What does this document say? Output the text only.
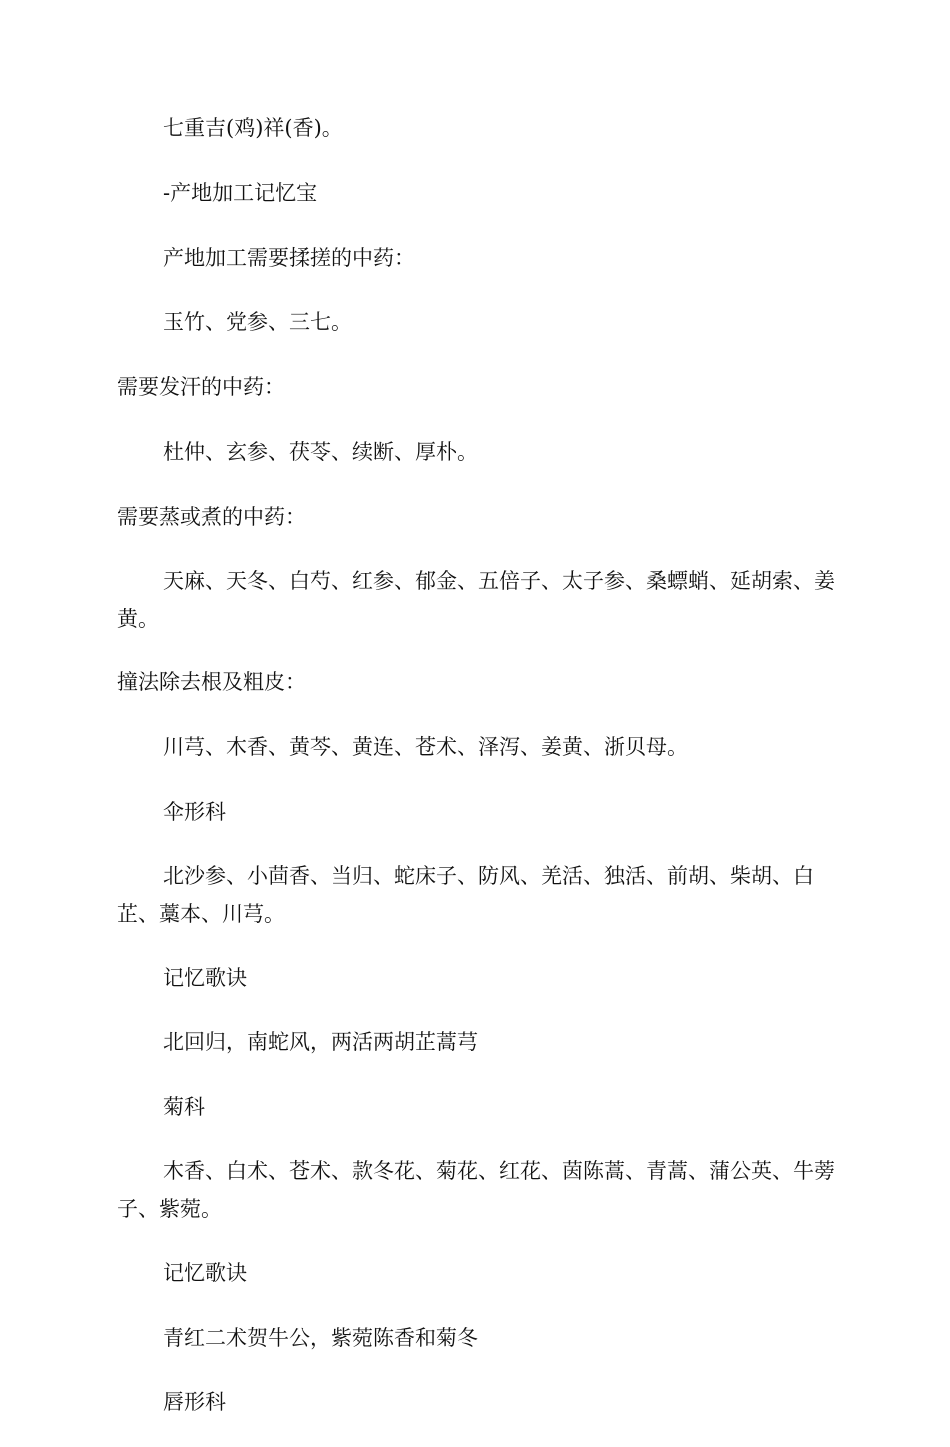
七重吉(鸡)祥(香)。

-产地加工记忆宝

产地加工需要揉搓的中药：

玉竹、党参、三七。

需要发汗的中药：

杜仲、玄参、茯苓、续断、厚朴。

需要蒸或煮的中药：

天麻、天冬、白芍、红参、郁金、五倍子、太子参、桑螵蛸、延胡索、姜黄。

撞法除去根及粗皮：

川芎、木香、黄芩、黄连、苍术、泽泻、姜黄、浙贝母。

伞形科

北沙参、小茴香、当归、蛇床子、防风、羌活、独活、前胡、柴胡、白芷、藁本、川芎。

记忆歌诀

北回归，南蛇风，两活两胡芷蒿芎

菊科

木香、白术、苍术、款冬花、菊花、红花、茵陈蒿、青蒿、蒲公英、牛蒡子、紫菀。

记忆歌诀

青红二术贺牛公，紫菀陈香和菊冬

唇形科
